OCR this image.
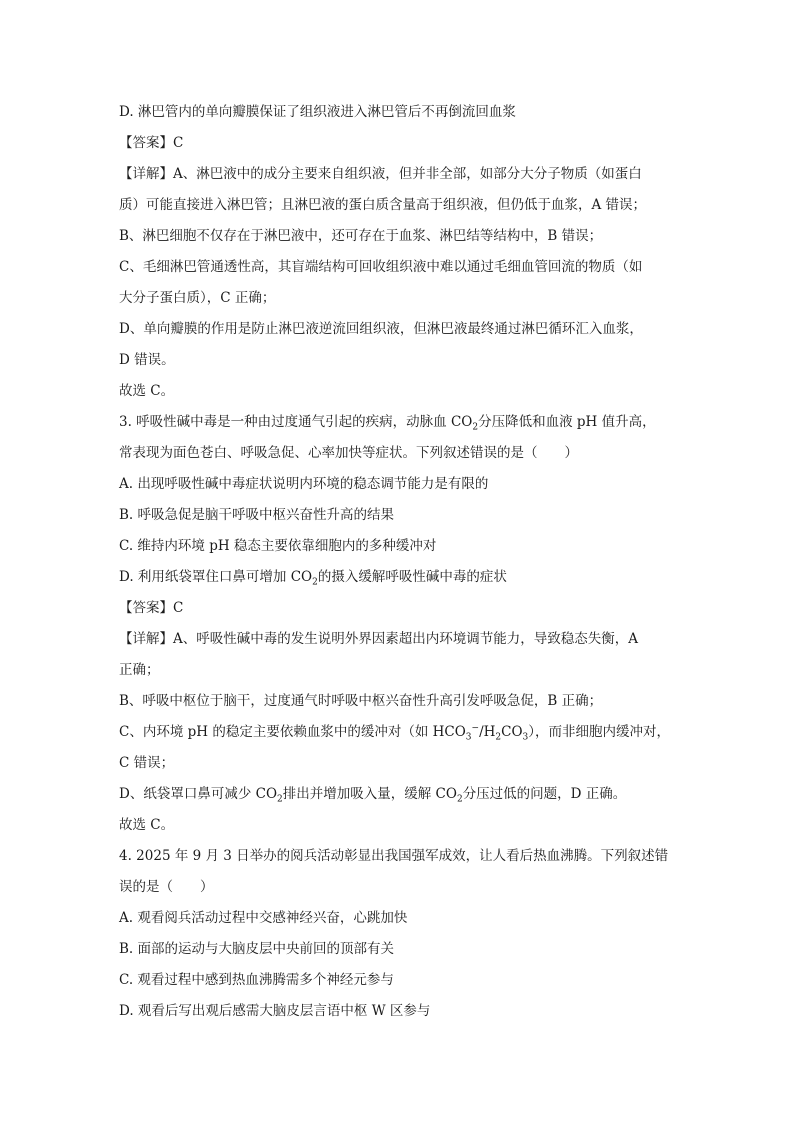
D. 淋巴管内的单向瓣膜保证了组织液进入淋巴管后不再倒流回血浆
【答案】C
【详解】A、淋巴液中的成分主要来自组织液，但并非全部，如部分大分子物质（如蛋白
质）可能直接进入淋巴管；且淋巴液的蛋白质含量高于组织液，但仍低于血浆，A 错误；
B、淋巴细胞不仅存在于淋巴液中，还可存在于血浆、淋巴结等结构中，B 错误；
C、毛细淋巴管通透性高，其盲端结构可回收组织液中难以通过毛细血管回流的物质（如
大分子蛋白质），C 正确；
D、单向瓣膜的作用是防止淋巴液逆流回组织液，但淋巴液最终通过淋巴循环汇入血浆，
D 错误。
故选 C。
3. 呼吸性碱中毒是一种由过度通气引起的疾病，动脉血 $CO_2$分压降低和血液 pH 值升高，
常表现为面色苍白、呼吸急促、心率加快等症状。下列叙述错误的是（　　）
A. 出现呼吸性碱中毒症状说明内环境的稳态调节能力是有限的
B. 呼吸急促是脑干呼吸中枢兴奋性升高的结果
C. 维持内环境 pH 稳态主要依靠细胞内的多种缓冲对
D. 利用纸袋罩住口鼻可增加 $CO_2$的摄入缓解呼吸性碱中毒的症状
【答案】C
【详解】A、呼吸性碱中毒的发生说明外界因素超出内环境调节能力，导致稳态失衡，A
正确；
B、呼吸中枢位于脑干，过度通气时呼吸中枢兴奋性升高引发呼吸急促，B 正确；
C、内环境 pH 的稳定主要依赖血浆中的缓冲对（如 $HCO_3^-/H_2CO_3$），而非细胞内缓冲对，
C 错误；
D、纸袋罩口鼻可减少 $CO_2$排出并增加吸入量，缓解 $CO_2$分压过低的问题，D 正确。
故选 C。
4. 2025 年 9 月 3 日举办的阅兵活动彰显出我国强军成效，让人看后热血沸腾。下列叙述错
误的是（　　）
A. 观看阅兵活动过程中交感神经兴奋，心跳加快
B. 面部的运动与大脑皮层中央前回的顶部有关
C. 观看过程中感到热血沸腾需多个神经元参与
D. 观看后写出观后感需大脑皮层言语中枢 W 区参与
